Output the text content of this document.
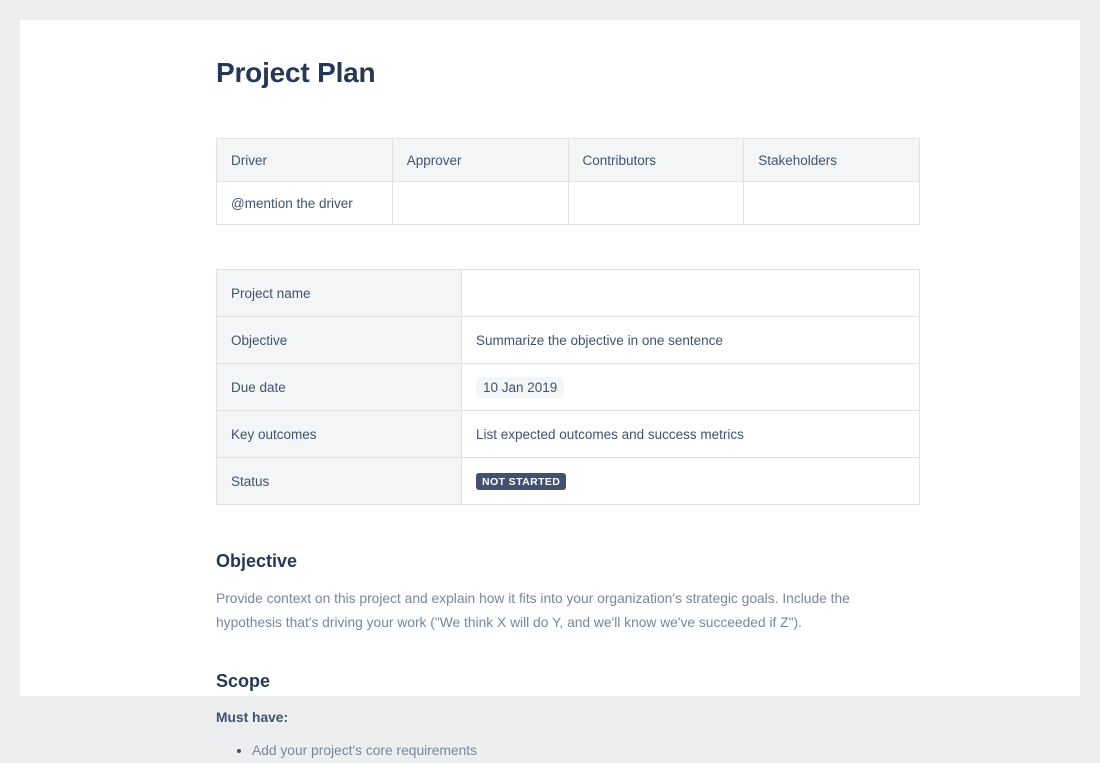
Project Plan
Driver	Approver	Contributors	Stakeholders
@mention the driver			
Project name	
Objective	Summarize the objective in one sentence
Due date	10 Jan 2019
Key outcomes	List expected outcomes and success metrics
Status	NOT STARTED
Objective

Provide context on this project and explain how it fits into your organization's strategic goals. Include the hypothesis that's driving your work ("We think X will do Y, and we'll know we've succeeded if Z").

Scope

Must have:

• Add your project's core requirements
